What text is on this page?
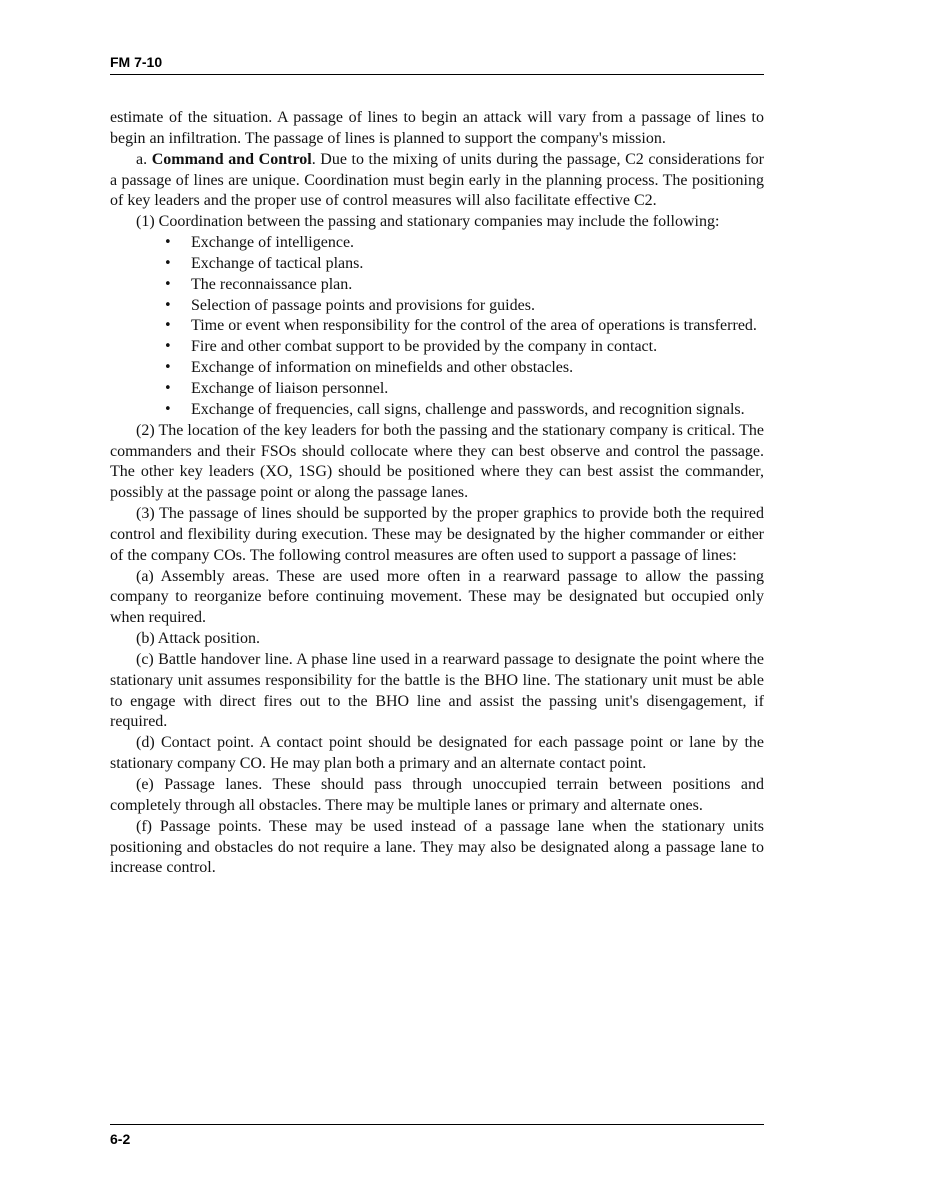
FM 7-10

estimate of the situation. A passage of lines to begin an attack will vary from a passage of lines to begin an infiltration. The passage of lines is planned to support the company's mission.

a. Command and Control. Due to the mixing of units during the passage, C2 considerations for a passage of lines are unique. Coordination must begin early in the planning process. The positioning of key leaders and the proper use of control measures will also facilitate effective C2.

(1) Coordination between the passing and stationary companies may include the following:

•	Exchange of intelligence.
•	Exchange of tactical plans.
•	The reconnaissance plan.
•	Selection of passage points and provisions for guides.
•	Time or event when responsibility for the control of the area of operations is transferred.
•	Fire and other combat support to be provided by the company in contact.
•	Exchange of information on minefields and other obstacles.
•	Exchange of liaison personnel.
•	Exchange of frequencies, call signs, challenge and passwords, and recognition signals.

(2) The location of the key leaders for both the passing and the stationary company is critical. The commanders and their FSOs should collocate where they can best observe and control the passage. The other key leaders (XO, 1SG) should be positioned where they can best assist the commander, possibly at the passage point or along the passage lanes.

(3) The passage of lines should be supported by the proper graphics to provide both the required control and flexibility during execution. These may be designated by the higher commander or either of the company COs. The following control measures are often used to support a passage of lines:

(a) Assembly areas. These are used more often in a rearward passage to allow the passing company to reorganize before continuing movement. These may be designated but occupied only when required.

(b) Attack position.

(c) Battle handover line. A phase line used in a rearward passage to designate the point where the stationary unit assumes responsibility for the battle is the BHO line. The stationary unit must be able to engage with direct fires out to the BHO line and assist the passing unit's disengagement, if required.

(d) Contact point. A contact point should be designated for each passage point or lane by the stationary company CO. He may plan both a primary and an alternate contact point.

(e) Passage lanes. These should pass through unoccupied terrain between positions and completely through all obstacles. There may be multiple lanes or primary and alternate ones.

(f) Passage points. These may be used instead of a passage lane when the stationary units positioning and obstacles do not require a lane. They may also be designated along a passage lane to increase control.

6-2
